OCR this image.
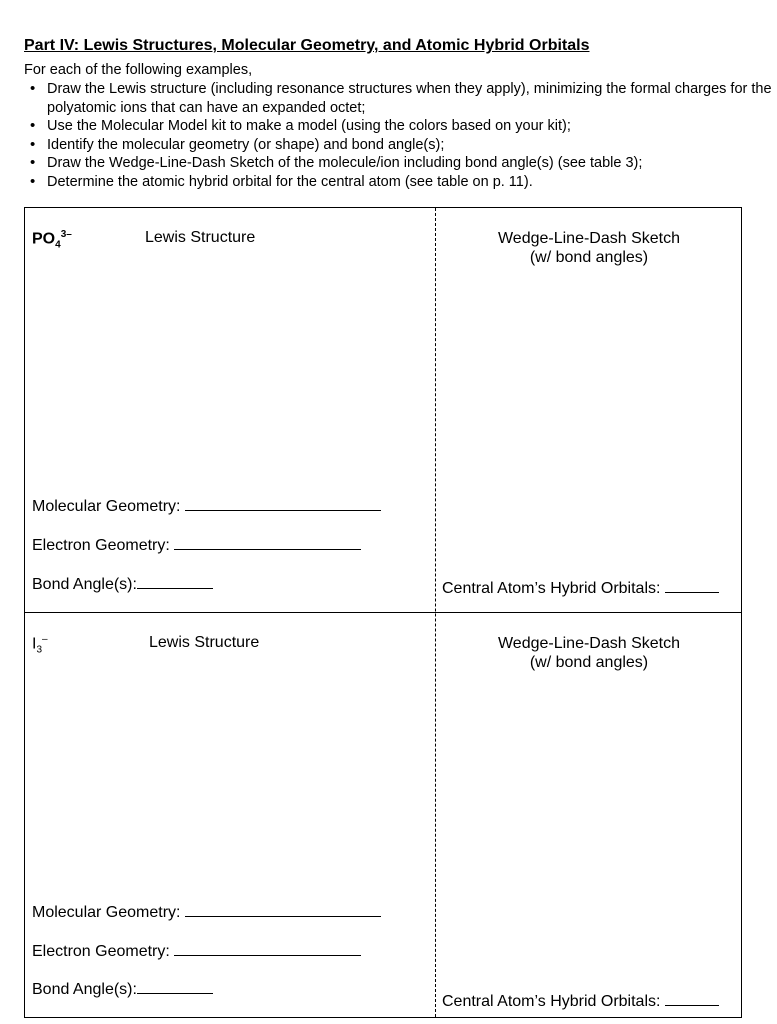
Part IV: Lewis Structures, Molecular Geometry, and Atomic Hybrid Orbitals
For each of the following examples,
• Draw the Lewis structure (including resonance structures when they apply), minimizing the formal charges for the polyatomic ions that can have an expanded octet;
• Use the Molecular Model kit to make a model (using the colors based on your kit);
• Identify the molecular geometry (or shape) and bond angle(s);
• Draw the Wedge-Line-Dash Sketch of the molecule/ion including bond angle(s) (see table 3);
• Determine the atomic hybrid orbital for the central atom (see table on p. 11).
$PO_4^{3-}$	Lewis Structure	Wedge-Line-Dash Sketch
(w/ bond angles)
Molecular Geometry:
Electron Geometry:
Bond Angle(s):	Central Atom’s Hybrid Orbitals:
$I_3^-$	Lewis Structure	Wedge-Line-Dash Sketch
(w/ bond angles)
Molecular Geometry:
Electron Geometry:
Bond Angle(s):
Central Atom’s Hybrid Orbitals:
